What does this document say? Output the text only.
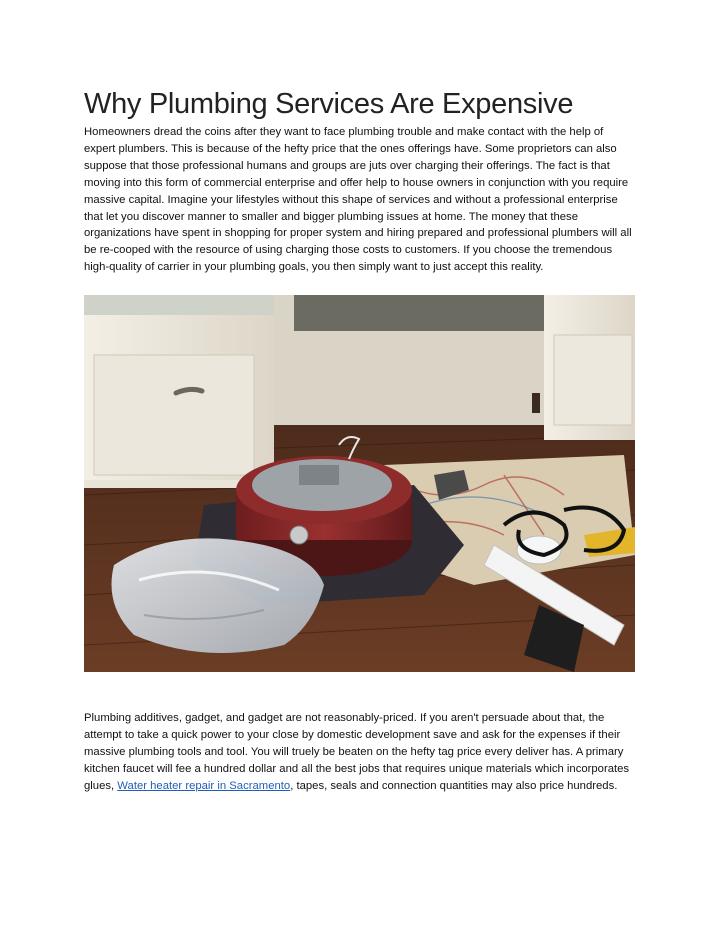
Why Plumbing Services Are Expensive

Homeowners dread the coins after they want to face plumbing trouble and make contact with the help of expert plumbers. This is because of the hefty price that the ones offerings have. Some proprietors can also suppose that those professional humans and groups are juts over charging their offerings. The fact is that moving into this form of commercial enterprise and offer help to house owners in conjunction with you require massive capital. Imagine your lifestyles without this shape of services and without a professional enterprise that let you discover manner to smaller and bigger plumbing issues at home. The money that these organizations have spent in shopping for proper system and hiring prepared and professional plumbers will all be re-cooped with the resource of using charging those costs to customers. If you choose the tremendous high-quality of carrier in your plumbing goals, you then simply want to just accept this reality.

Plumbing additives, gadget, and gadget are not reasonably-priced. If you aren't persuade about that, the attempt to take a quick power to your close by domestic development save and ask for the expenses if their massive plumbing tools and tool. You will truely be beaten on the hefty tag price every deliver has. A primary kitchen faucet will fee a hundred dollar and all the best jobs that requires unique materials which incorporates glues, Water heater repair in Sacramento, tapes, seals and connection quantities may also price hundreds.
